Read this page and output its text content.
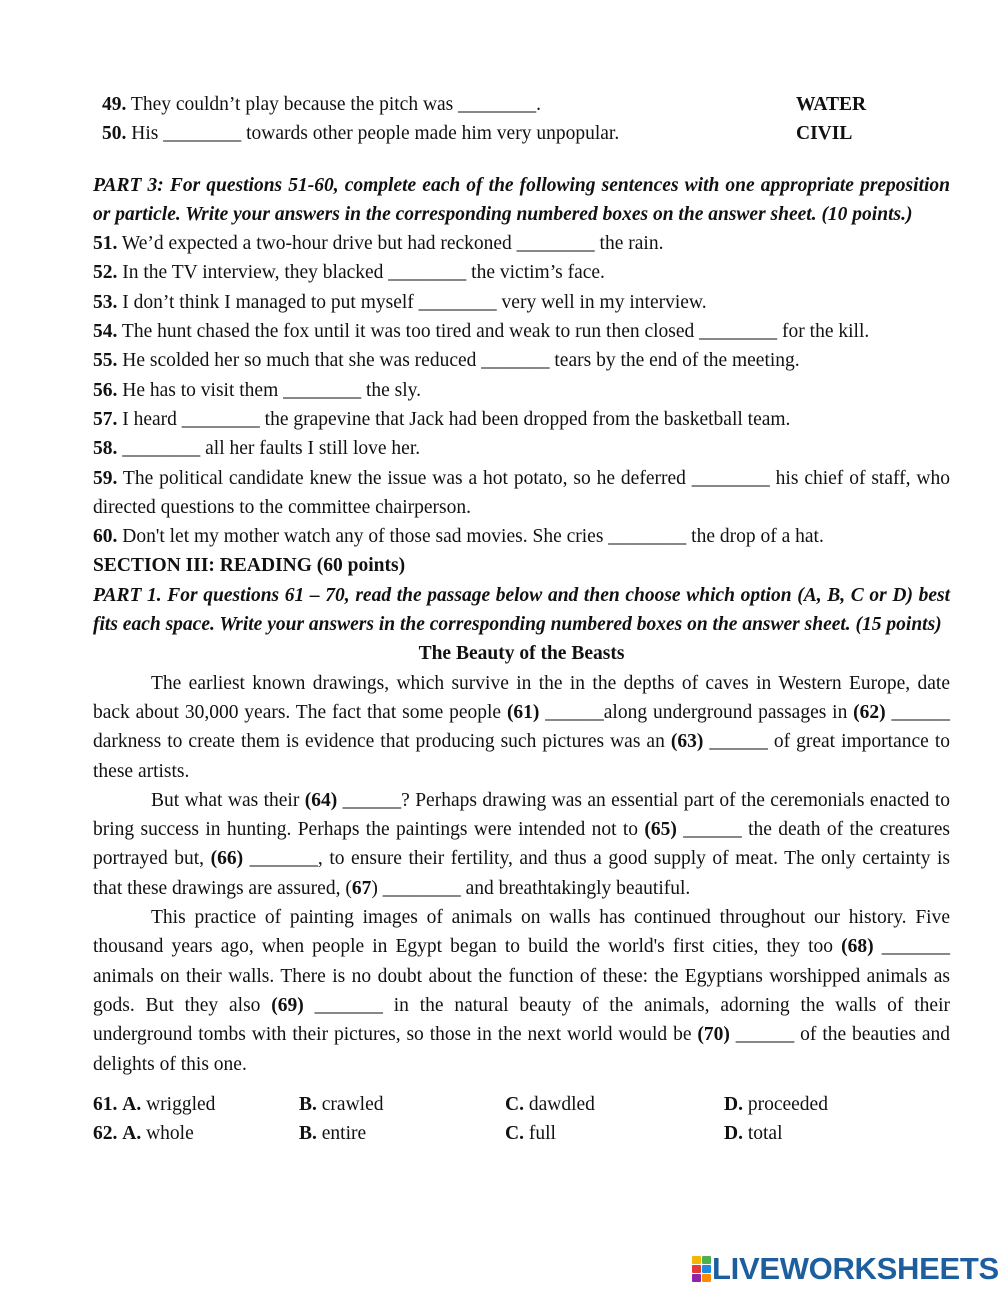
49. They couldn’t play because the pitch was ________.	WATER
50. His ________ towards other people made him very unpopular.	CIVIL
PART 3: For questions 51-60, complete each of the following sentences with one appropriate preposition or particle. Write your answers in the corresponding numbered boxes on the answer sheet. (10 points.)
51. We’d expected a two-hour drive but had reckoned ________ the rain.
52. In the TV interview, they blacked ________ the victim’s face.
53. I don’t think I managed to put myself ________ very well in my interview.
54. The hunt chased the fox until it was too tired and weak to run then closed ________ for the kill.
55. He scolded her so much that she was reduced _______ tears by the end of the meeting.
56. He has to visit them ________ the sly.
57. I heard ________ the grapevine that Jack had been dropped from the basketball team.
58. ________ all her faults I still love her.
59. The political candidate knew the issue was a hot potato, so he deferred ________ his chief of staff, who directed questions to the committee chairperson.
60. Don't let my mother watch any of those sad movies. She cries ________ the drop of a hat.
SECTION III: READING (60 points)
PART 1. For questions 61 – 70, read the passage below and then choose which option (A, B, C or D) best fits each space. Write your answers in the corresponding numbered boxes on the answer sheet. (15 points)
The Beauty of the Beasts
The earliest known drawings, which survive in the in the depths of caves in Western Europe, date back about 30,000 years. The fact that some people (61) ______along underground passages in (62) ______ darkness to create them is evidence that producing such pictures was an (63) ______ of great importance to these artists.
But what was their (64) ______? Perhaps drawing was an essential part of the ceremonials enacted to bring success in hunting. Perhaps the paintings were intended not to (65) ______ the death of the creatures portrayed but, (66) _______, to ensure their fertility, and thus a good supply of meat. The only certainty is that these drawings are assured, (67) ________ and breathtakingly beautiful.
This practice of painting images of animals on walls has continued throughout our history. Five thousand years ago, when people in Egypt began to build the world's first cities, they too (68) _______ animals on their walls. There is no doubt about the function of these: the Egyptians worshipped animals as gods. But they also (69) _______ in the natural beauty of the animals, adorning the walls of their underground tombs with their pictures, so those in the next world would be (70) ______ of the beauties and delights of this one.
61. A. wriggled	B. crawled	C. dawdled	D. proceeded
62. A. whole	B. entire	C. full	D. total
LIVEWORKSHEETS
